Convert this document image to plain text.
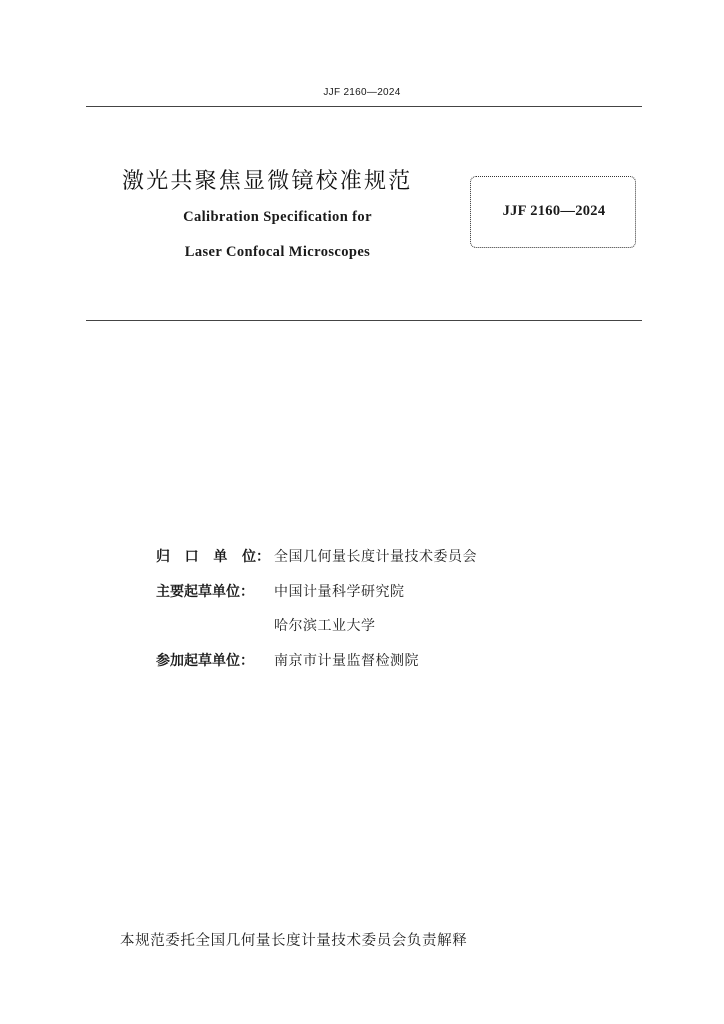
JJF 2160—2024
激光共聚焦显微镜校准规范
Calibration Specification for
Laser Confocal Microscopes
JJF 2160—2024
归 口 单 位： 全国几何量长度计量技术委员会
主要起草单位： 中国计量科学研究院
哈尔滨工业大学
参加起草单位： 南京市计量监督检测院
本规范委托全国几何量长度计量技术委员会负责解释
